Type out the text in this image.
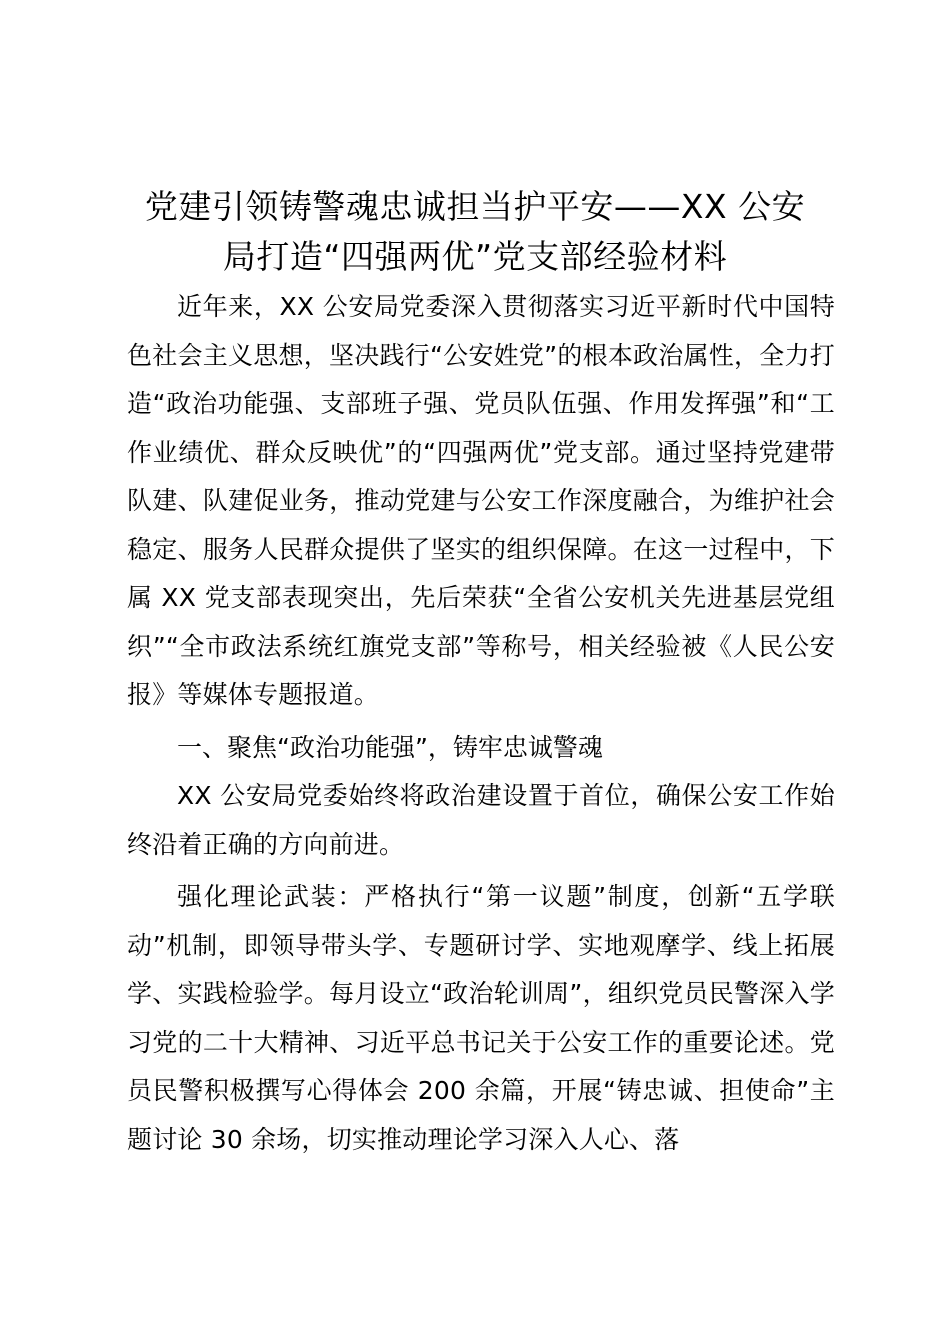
党建引领铸警魂忠诚担当护平安——XX 公安
局打造“四强两优”党支部经验材料

近年来，XX 公安局党委深入贯彻落实习近平新时代中国特色社会主义思想，坚决践行“公安姓党”的根本政治属性，全力打造“政治功能强、支部班子强、党员队伍强、作用发挥强”和“工作业绩优、群众反映优”的“四强两优”党支部。通过坚持党建带队建、队建促业务，推动党建与公安工作深度融合，为维护社会稳定、服务人民群众提供了坚实的组织保障。在这一过程中，下属 XX 党支部表现突出，先后荣获“全省公安机关先进基层党组织”“全市政法系统红旗党支部”等称号，相关经验被《人民公安报》等媒体专题报道。

一、聚焦“政治功能强”，铸牢忠诚警魂

XX 公安局党委始终将政治建设置于首位，确保公安工作始终沿着正确的方向前进。

强化理论武装：严格执行“第一议题”制度，创新“五学联动”机制，即领导带头学、专题研讨学、实地观摩学、线上拓展学、实践检验学。每月设立“政治轮训周”，组织党员民警深入学习党的二十大精神、习近平总书记关于公安工作的重要论述。党员民警积极撰写心得体会 200 余篇，开展“铸忠诚、担使命”主题讨论 30 余场，切实推动理论学习深入人心、落
